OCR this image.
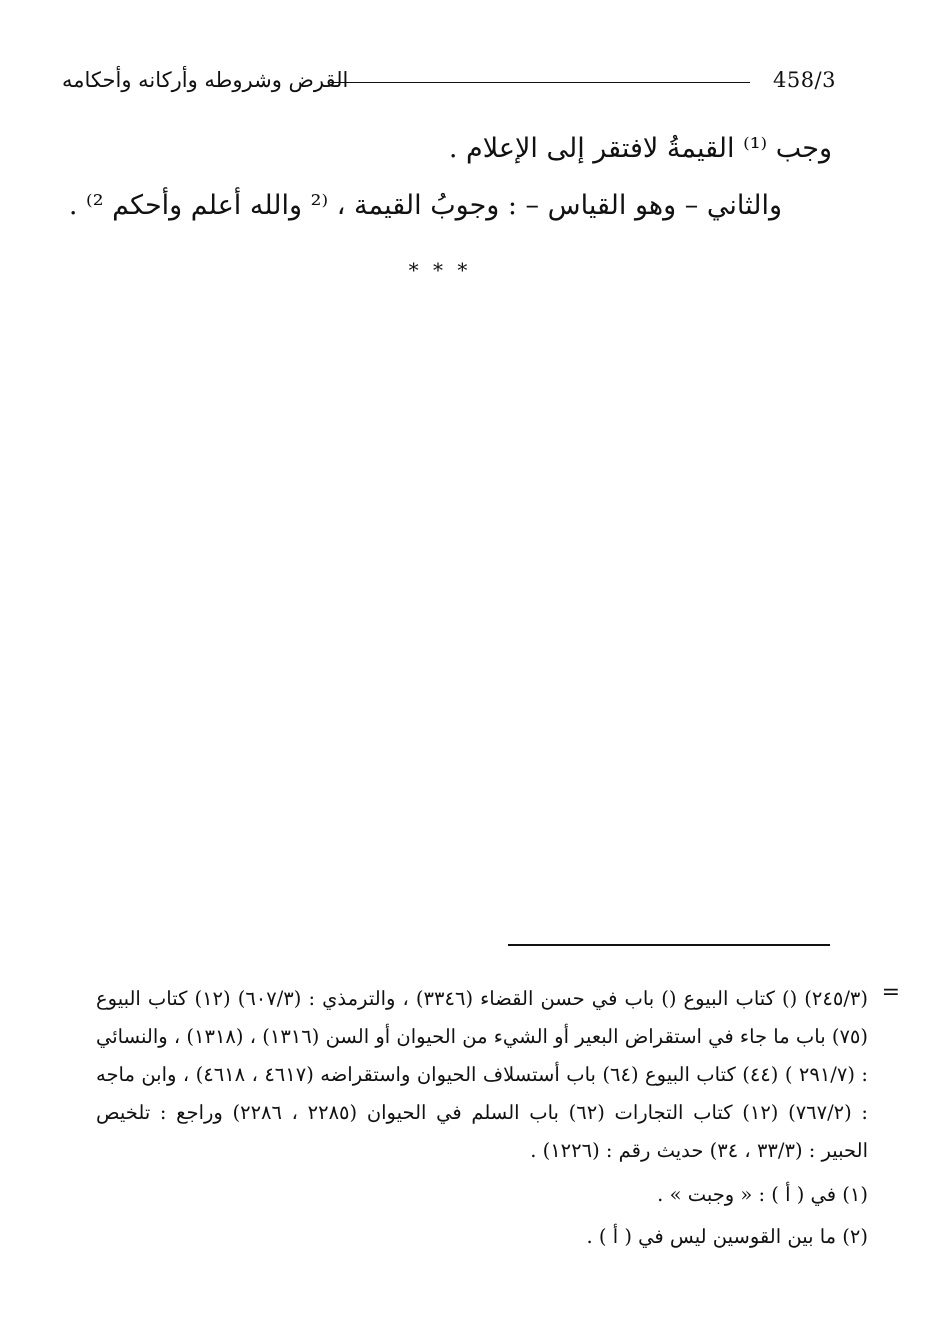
القرض وشروطه وأركانه وأحكامه	458/3
وجب ⁽¹⁾ القيمةُ لافتقر إلى الإعلام .
والثاني – وهو القياس – : وجوبُ القيمة ، ⁽² والله أعلم وأحكم ²⁾ .
* * *
=
(٢٤٥/٣) () كتاب البيوع () باب في حسن القضاء (٣٣٤٦) ، والترمذي : (٦٠٧/٣) (١٢) كتاب البيوع (٧٥) باب ما جاء في استقراض البعير أو الشيء من الحيوان أو السن (١٣١٦) ، (١٣١٨) ، والنسائي : (٢٩١/٧ ) (٤٤) كتاب البيوع (٦٤) باب أستسلاف الحيوان واستقراضه (٤٦١٧ ، ٤٦١٨) ، وابن ماجه : (٧٦٧/٢) (١٢) كتاب التجارات (٦٢) باب السلم في الحيوان (٢٢٨٥ ، ٢٢٨٦) وراجع : تلخيص الحبير : (٣٣/٣ ، ٣٤) حديث رقم : (١٢٢٦) .
(١) في ( أ ) : « وجبت » .
(٢) ما بين القوسين ليس في ( أ ) .
